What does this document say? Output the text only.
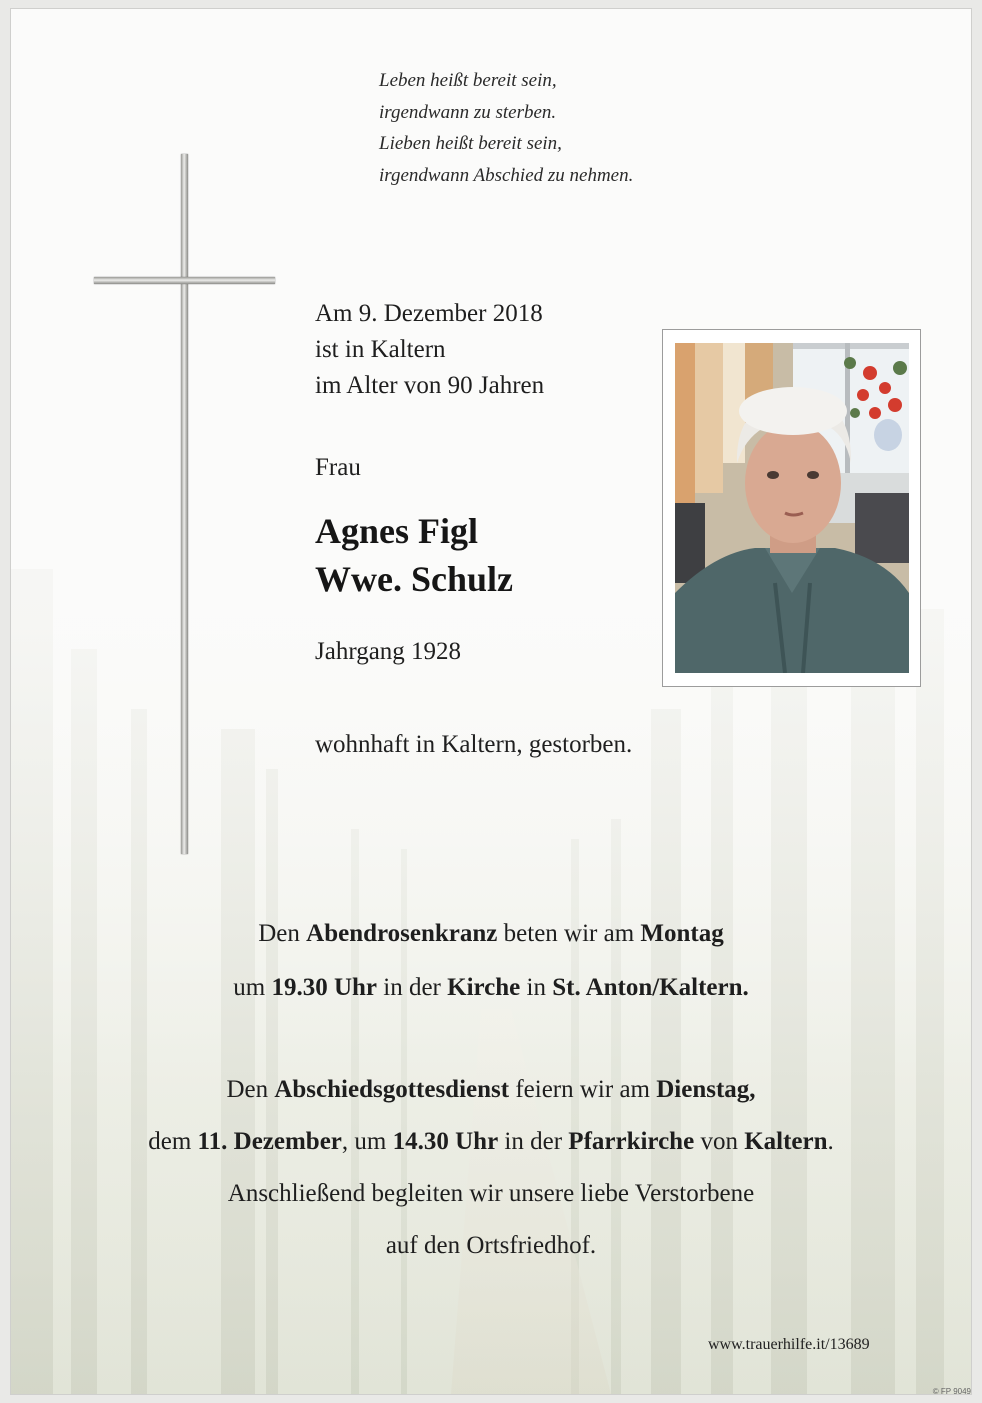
Leben heißt bereit sein,
irgendwann zu sterben.
Lieben heißt bereit sein,
irgendwann Abschied zu nehmen.
Am 9. Dezember 2018
ist in Kaltern
im Alter von 90 Jahren
Frau
Agnes Figl
Wwe. Schulz
Jahrgang 1928
wohnhaft in Kaltern, gestorben.
Den Abendrosenkranz beten wir am Montag
um 19.30 Uhr in der Kirche in St. Anton/Kaltern.
Den Abschiedsgottesdienst feiern wir am Dienstag,
dem 11. Dezember, um 14.30 Uhr in der Pfarrkirche von Kaltern.
Anschließend begleiten wir unsere liebe Verstorbene
auf den Ortsfriedhof.
www.trauerhilfe.it/13689
© FP 9049
